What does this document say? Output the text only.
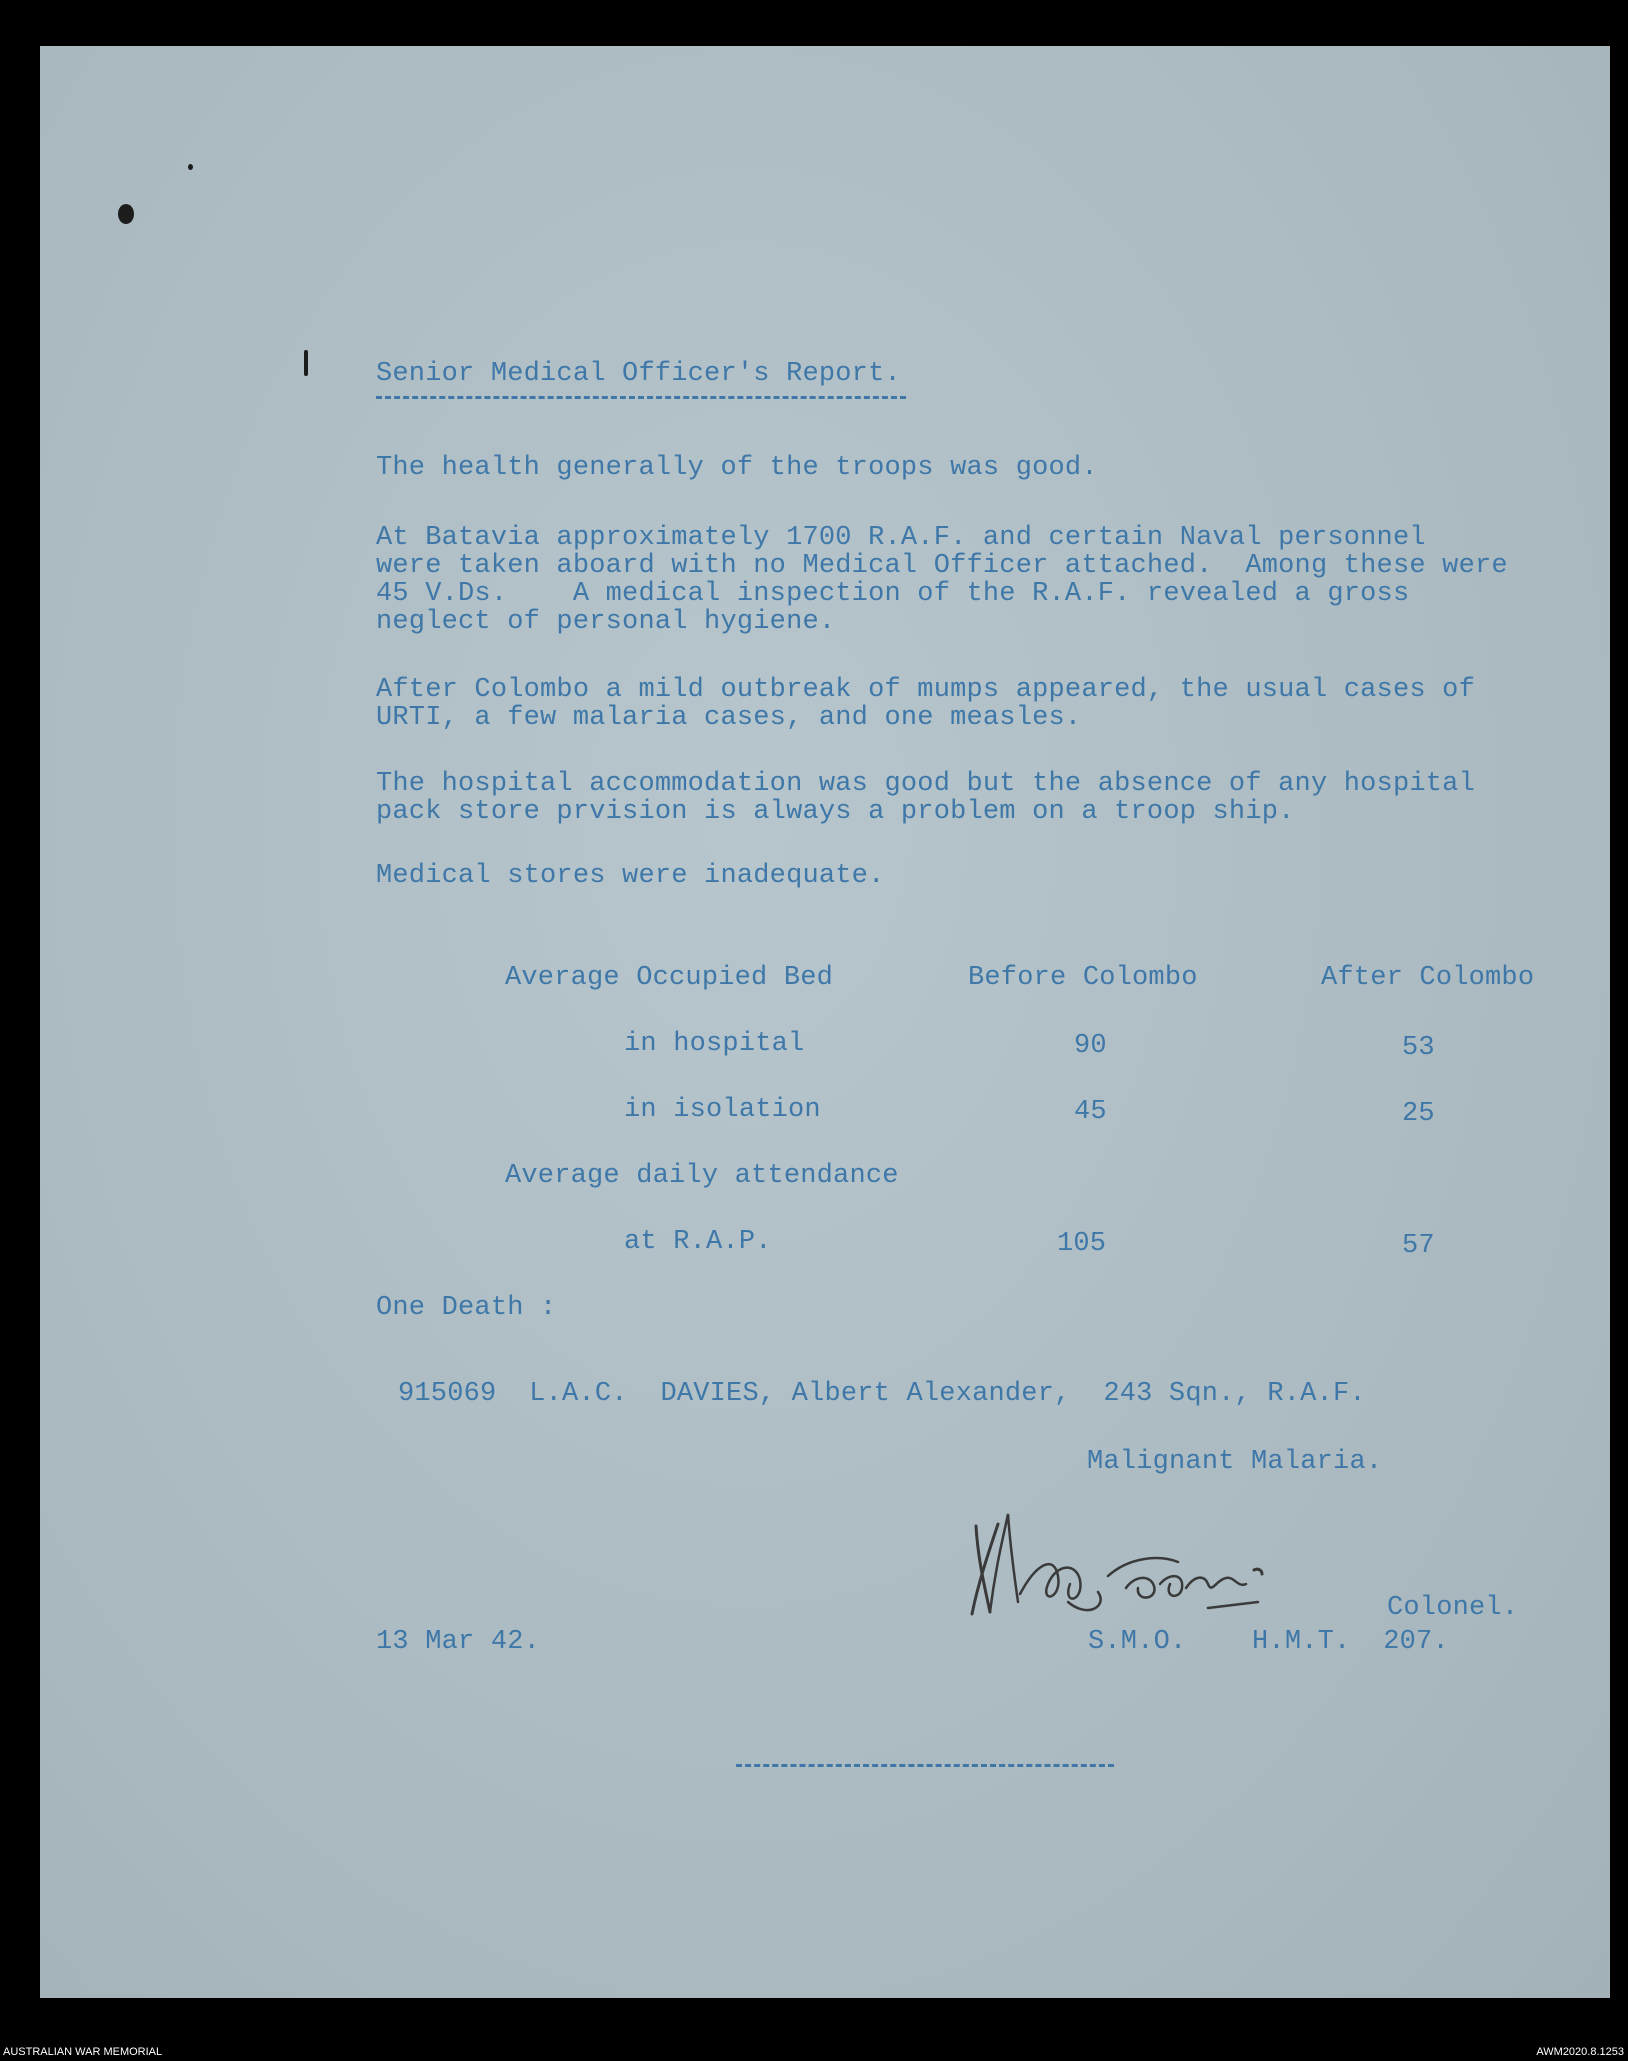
Senior Medical Officer's Report.
The health generally of the troops was good.
At Batavia approximately 1700 R.A.F. and certain Naval personnel
were taken aboard with no Medical Officer attached.  Among these were
45 V.Ds.    A medical inspection of the R.A.F. revealed a gross
neglect of personal hygiene.
After Colombo a mild outbreak of mumps appeared, the usual cases of
URTI, a few malaria cases, and one measles.
The hospital accommodation was good but the absence of any hospital
pack store prvision is always a problem on a troop ship.
Medical stores were inadequate.
Average Occupied Bed	Before Colombo	After Colombo
in hospital	90	53
in isolation	45	25
Average daily attendance
at R.A.P.	105	57
One Death :
915069  L.A.C.  DAVIES, Albert Alexander,  243 Sqn., R.A.F.
Malignant Malaria.
Colonel.
13 Mar 42.	S.M.O.    H.M.T.  207.
AUSTRALIAN WAR MEMORIAL	AWM2020.8.1253
